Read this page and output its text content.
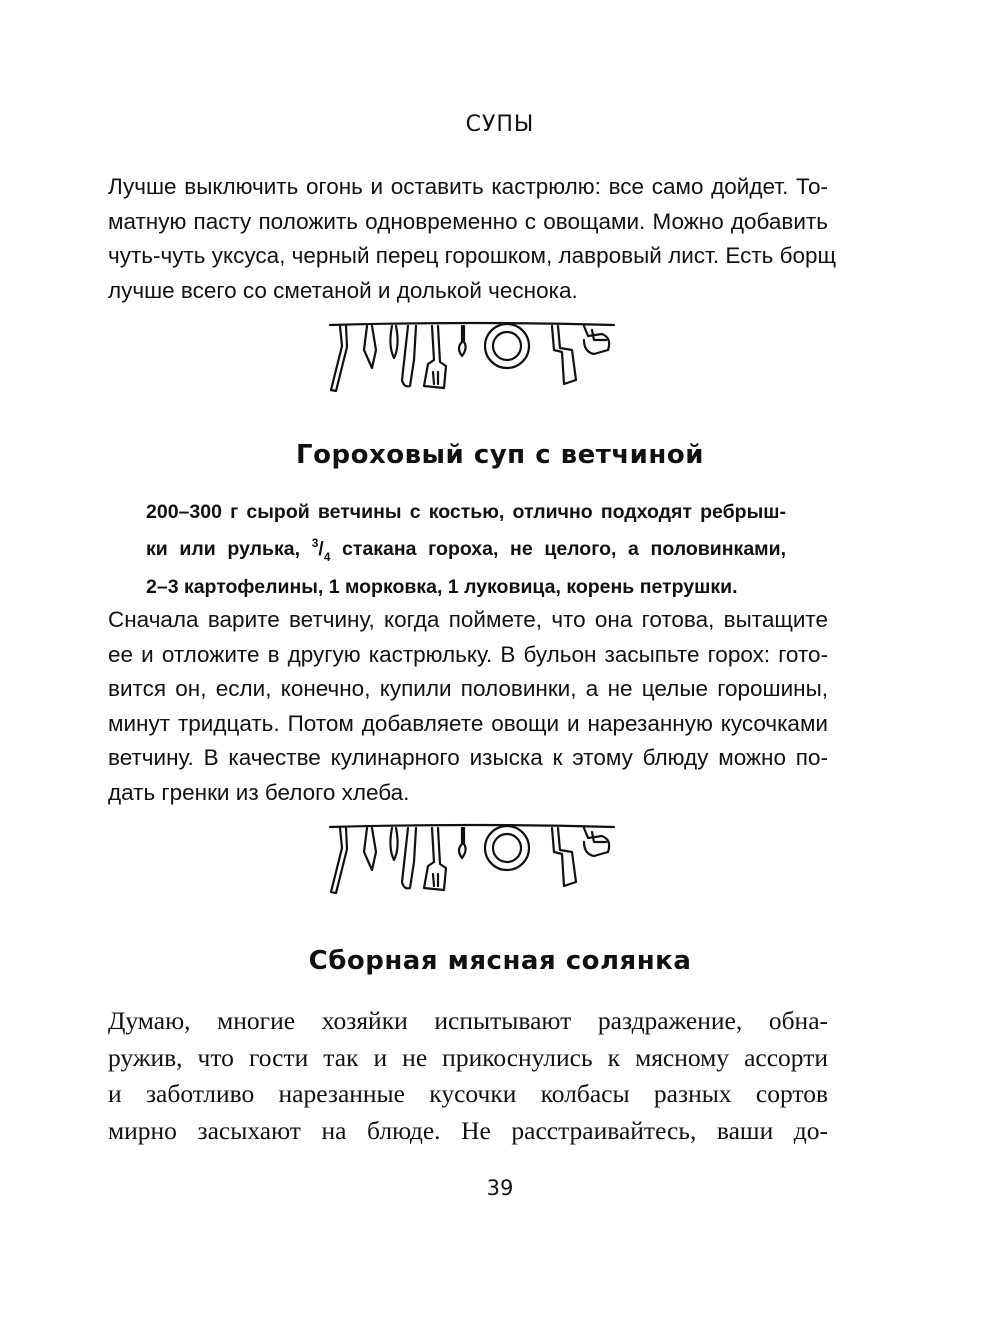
СУПЫ

Лучше выключить огонь и оставить кастрюлю: все само дойдет. То-
матную пасту положить одновременно с овощами. Можно добавить
чуть-чуть уксуса, черный перец горошком, лавровый лист. Есть борщ
лучше всего со сметаной и долькой чеснока.

Гороховый суп с ветчиной
200–300 г сырой ветчины с костью, отлично подходят ребрыш-
ки или рулька, $^3/_4$ стакана гороха, не целого, а половинками,
2–3 картофелины, 1 морковка, 1 луковица, корень петрушки.

Сначала варите ветчину, когда поймете, что она готова, вытащите
ее и отложите в другую кастрюльку. В бульон засыпьте горох: гото-
вится он, если, конечно, купили половинки, а не целые горошины,
минут тридцать. Потом добавляете овощи и нарезанную кусочками
ветчину. В качестве кулинарного изыска к этому блюду можно по-
дать гренки из белого хлеба.

Сборная мясная солянка

Думаю, многие хозяйки испытывают раздражение, обна-
ружив, что гости так и не прикоснулись к мясному ассорти
и заботливо нарезанные кусочки колбасы разных сортов
мирно засыхают на блюде. Не расстраивайтесь, ваши до-

39
